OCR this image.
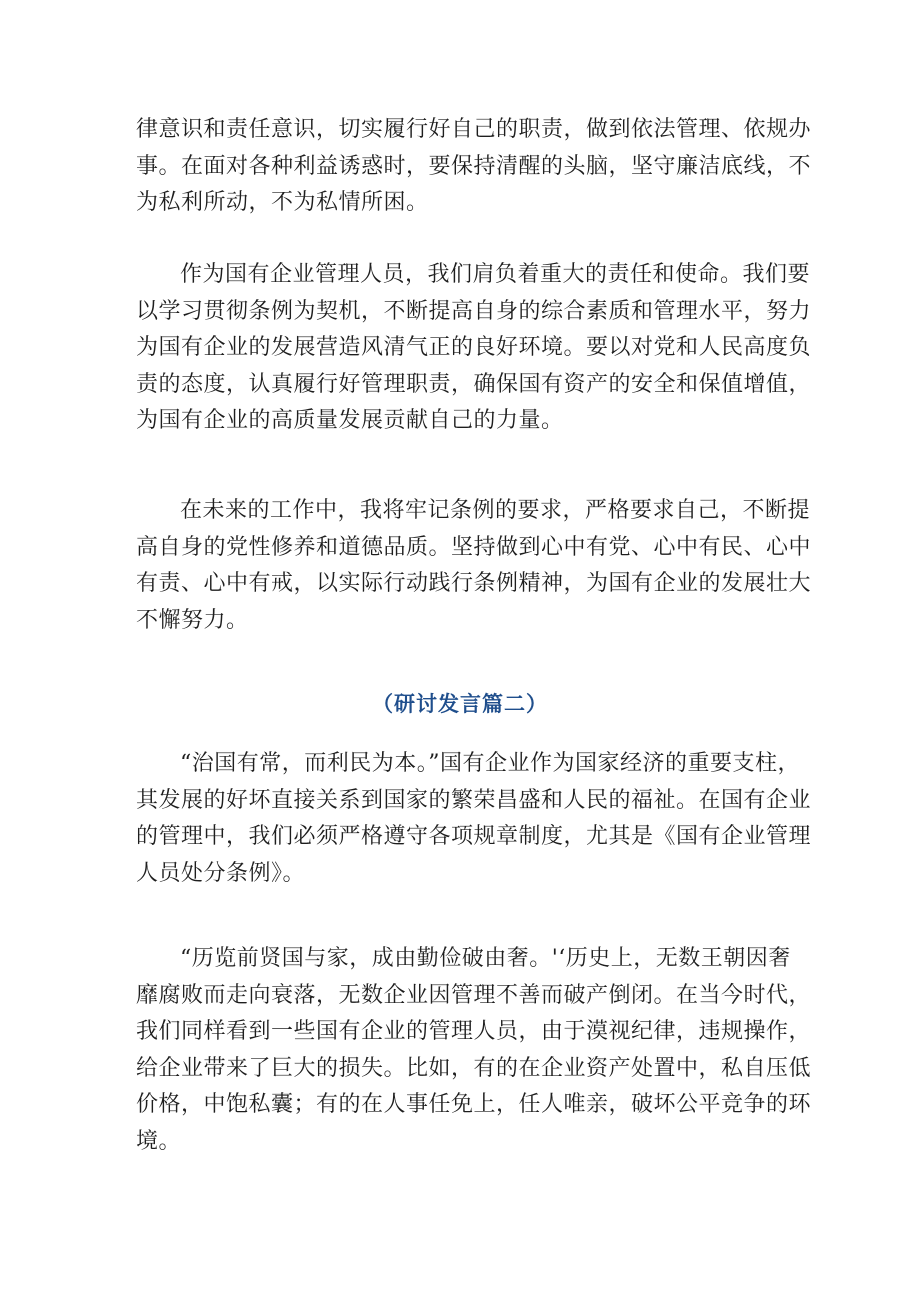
律意识和责任意识，切实履行好自己的职责，做到依法管理、依规办
事。在面对各种利益诱惑时，要保持清醒的头脑，坚守廉洁底线，不
为私利所动，不为私情所困。
作为国有企业管理人员，我们肩负着重大的责任和使命。我们要
以学习贯彻条例为契机，不断提高自身的综合素质和管理水平，努力
为国有企业的发展营造风清气正的良好环境。要以对党和人民高度负
责的态度，认真履行好管理职责，确保国有资产的安全和保值增值，
为国有企业的高质量发展贡献自己的力量。
在未来的工作中，我将牢记条例的要求，严格要求自己，不断提
高自身的党性修养和道德品质。坚持做到心中有党、心中有民、心中
有责、心中有戒，以实际行动践行条例精神，为国有企业的发展壮大
不懈努力。
（研讨发言篇二）
“治国有常，而利民为本。”国有企业作为国家经济的重要支柱，
其发展的好坏直接关系到国家的繁荣昌盛和人民的福祉。在国有企业
的管理中，我们必须严格遵守各项规章制度，尤其是《国有企业管理
人员处分条例》。
“历览前贤国与家，成由勤俭破由奢。'‘历史上，无数王朝因奢
靡腐败而走向衰落，无数企业因管理不善而破产倒闭。在当今时代，
我们同样看到一些国有企业的管理人员，由于漠视纪律，违规操作，
给企业带来了巨大的损失。比如，有的在企业资产处置中，私自压低
价格，中饱私囊；有的在人事任免上，任人唯亲，破坏公平竞争的环
境。
